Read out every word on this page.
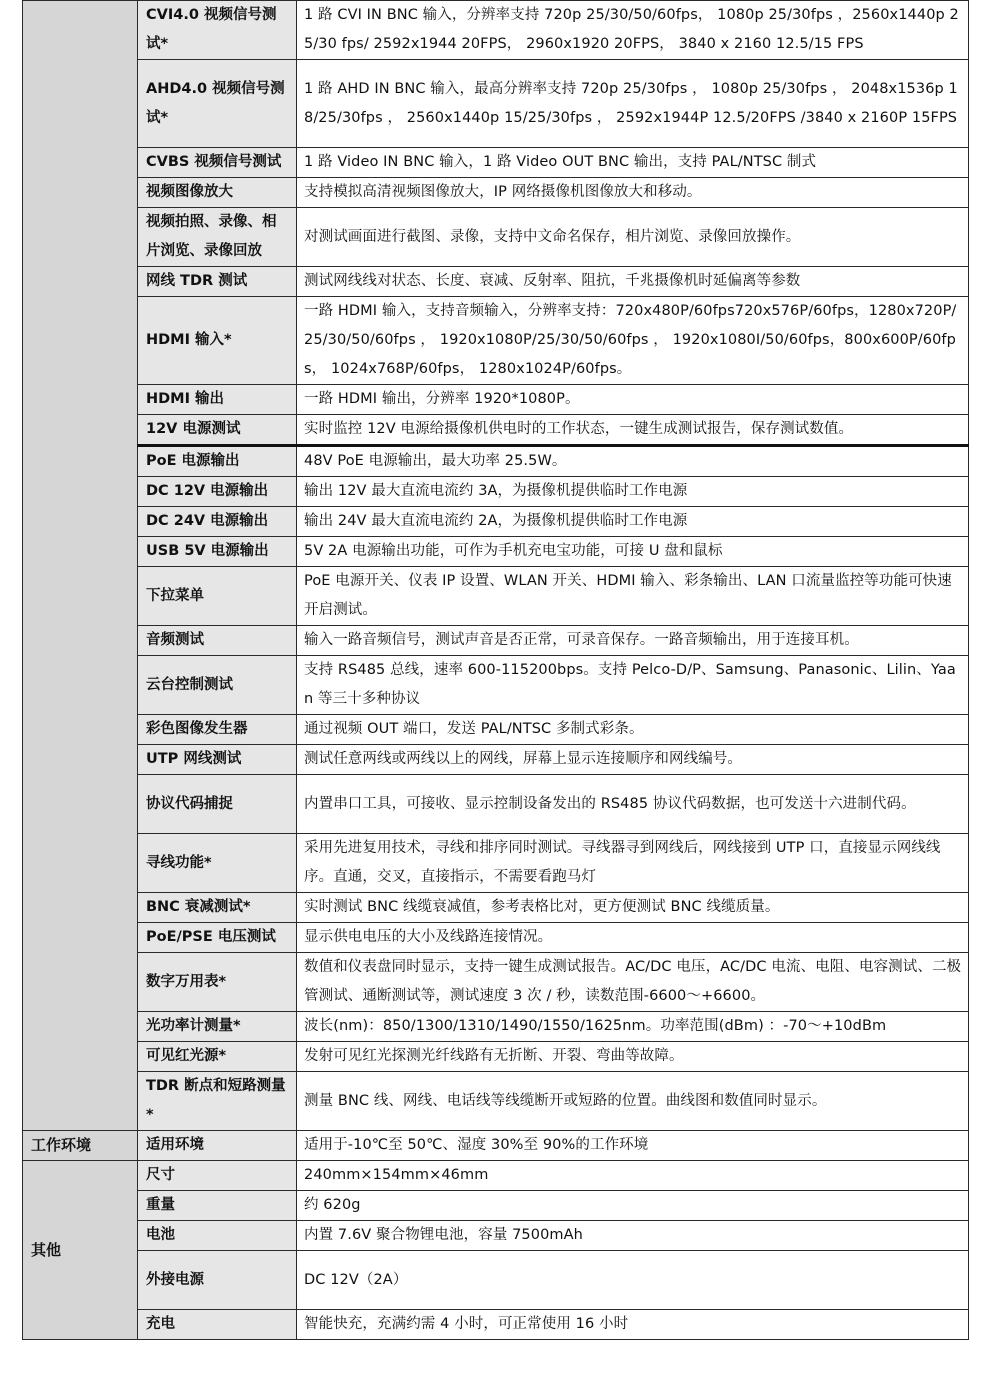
	CVI4.0 视频信号测试*	1 路 CVI IN BNC 输入，分辨率支持 720p 25/30/50/60fps， 1080p 25/30fps ，2560x1440p 25/30 fps/ 2592x1944 20FPS， 2960x1920 20FPS， 3840 x 2160 12.5/15 FPS
	AHD4.0 视频信号测试*	1 路 AHD IN BNC 输入，最高分辨率支持 720p 25/30fps ， 1080p 25/30fps ， 2048x1536p 18/25/30fps ， 2560x1440p 15/25/30fps ， 2592x1944P 12.5/20FPS /3840 x 2160P 15FPS
	CVBS 视频信号测试	1 路 Video IN BNC 输入，1 路 Video OUT BNC 输出，支持 PAL/NTSC 制式
	视频图像放大	支持模拟高清视频图像放大，IP 网络摄像机图像放大和移动。
	视频拍照、录像、相片浏览、录像回放	对测试画面进行截图、录像，支持中文命名保存，相片浏览、录像回放操作。
	网线 TDR 测试	测试网线线对状态、长度、衰减、反射率、阻抗，千兆摄像机时延偏离等参数
	HDMI 输入*	一路 HDMI 输入，支持音频输入，分辨率支持：720x480P/60fps720x576P/60fps，1280x720P/25/30/50/60fps ， 1920x1080P/25/30/50/60fps ， 1920x1080I/50/60fps，800x600P/60fps， 1024x768P/60fps， 1280x1024P/60fps。
	HDMI 输出	一路 HDMI 输出，分辨率 1920*1080P。
	12V 电源测试	实时监控 12V 电源给摄像机供电时的工作状态，一键生成测试报告，保存测试数值。
	PoE 电源输出	48V PoE 电源输出，最大功率 25.5W。
	DC 12V 电源输出	输出 12V 最大直流电流约 3A，为摄像机提供临时工作电源
	DC 24V 电源输出	输出 24V 最大直流电流约 2A，为摄像机提供临时工作电源
	USB 5V 电源输出	5V 2A 电源输出功能，可作为手机充电宝功能，可接 U 盘和鼠标
	下拉菜单	PoE 电源开关、仪表 IP 设置、WLAN 开关、HDMI 输入、彩条输出、LAN 口流量监控等功能可快速开启测试。
	音频测试	输入一路音频信号，测试声音是否正常，可录音保存。一路音频输出，用于连接耳机。
	云台控制测试	支持 RS485 总线，速率 600-115200bps。支持 Pelco-D/P、Samsung、Panasonic、Lilin、Yaan 等三十多种协议
	彩色图像发生器	通过视频 OUT 端口，发送 PAL/NTSC 多制式彩条。
	UTP 网线测试	测试任意两线或两线以上的网线，屏幕上显示连接顺序和网线编号。
	协议代码捕捉	内置串口工具，可接收、显示控制设备发出的 RS485 协议代码数据，也可发送十六进制代码。
	寻线功能*	采用先进复用技术，寻线和排序同时测试。寻线器寻到网线后，网线接到 UTP 口，直接显示网线线序。直通，交叉，直接指示，不需要看跑马灯
	BNC 衰减测试*	实时测试 BNC 线缆衰减值，参考表格比对，更方便测试 BNC 线缆质量。
	PoE/PSE 电压测试	显示供电电压的大小及线路连接情况。
	数字万用表*	数值和仪表盘同时显示，支持一键生成测试报告。AC/DC 电压，AC/DC 电流、电阻、电容测试、二极管测试、通断测试等，测试速度 3 次 / 秒，读数范围-6600～+6600。
	光功率计测量*	波长(nm)：850/1300/1310/1490/1550/1625nm。功率范围(dBm) ：-70～+10dBm
	可见红光源*	发射可见红光探测光纤线路有无折断、开裂、弯曲等故障。
	TDR 断点和短路测量*	测量 BNC 线、网线、电话线等线缆断开或短路的位置。曲线图和数值同时显示。
工作环境	适用环境	适用于-10℃至 50℃、湿度 30%至 90%的工作环境
其他	尺寸	240mm×154mm×46mm
	重量	约 620g
	电池	内置 7.6V 聚合物锂电池，容量 7500mAh
	外接电源	DC 12V（2A）
	充电	智能快充，充满约需 4 小时，可正常使用 16 小时
